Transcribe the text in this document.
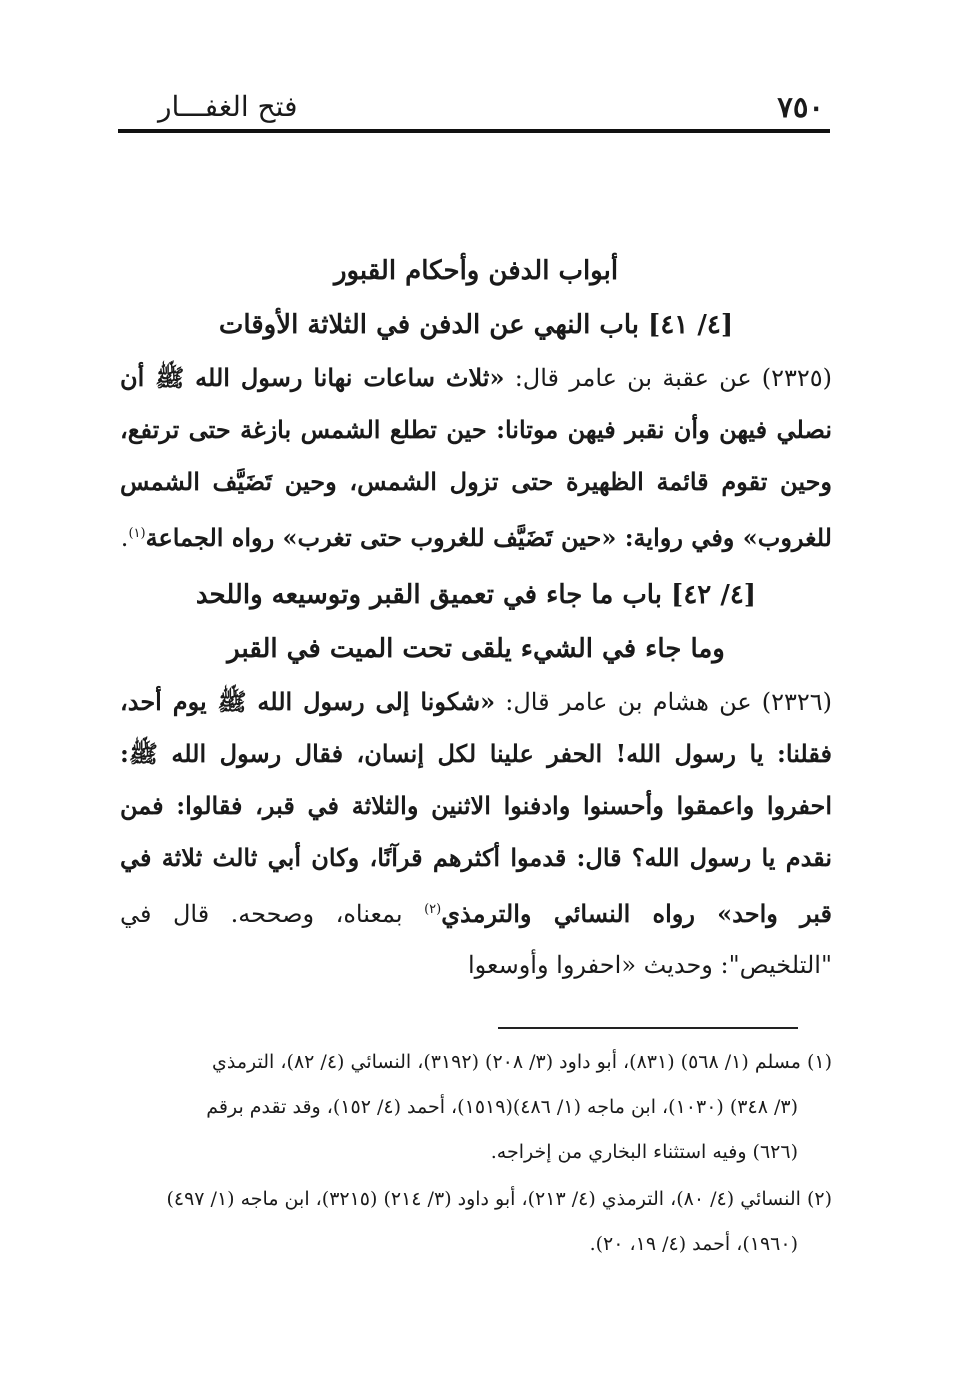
٧٥٠
فتح الغفـــار

أبواب الدفن وأحكام القبور

[٤/ ٤١] باب النهي عن الدفن في الثلاثة الأوقات

(٢٣٢٥)عن عقبة بن عامر قال: «ثلاث ساعات نهانا رسول الله ﷺ أن نصلي فيهن وأن نقبر فيهن موتانا: حين تطلع الشمس بازغة حتى ترتفع، وحين تقوم قائمة الظهيرة حتى تزول الشمس، وحين تَضَيَّف الشمس للغروب» وفي رواية: «حين تَضَيَّف للغروب حتى تغرب» رواه الجماعة$^{(١)}$.

[٤/ ٤٢] باب ما جاء في تعميق القبر وتوسيعه واللحد

وما جاء في الشيء يلقى تحت الميت في القبر

(٢٣٢٦)عن هشام بن عامر قال: «شكونا إلى رسول الله ﷺ يوم أحد، فقلنا: يا رسول الله! الحفر علينا لكل إنسان، فقال رسول الله ﷺ: احفروا واعمقوا وأحسنوا وادفنوا الاثنين والثلاثة في قبر، فقالوا: فمن نقدم يا رسول الله؟ قال: قدموا أكثرهم قرآنًا، وكان أبي ثالث ثلاثة في قبر واحد» رواه النسائي والترمذي$^{(٢)}$ بمعناه، وصححه. قال في "التلخيص": وحديث «احفروا وأوسعوا

(١) مسلم (١/ ٥٦٨) (٨٣١)، أبو داود (٣/ ٢٠٨) (٣١٩٢)، النسائي (٤/ ٨٢)، الترمذي
(٣/ ٣٤٨) (١٠٣٠)، ابن ماجه (١/ ٤٨٦)(١٥١٩)، أحمد (٤/ ١٥٢)، وقد تقدم برقم
(٦٢٦) وفيه استثناء البخاري من إخراجه.
(٢) النسائي (٤/ ٨٠)، الترمذي (٤/ ٢١٣)، أبو داود (٣/ ٢١٤) (٣٢١٥)، ابن ماجه (١/ ٤٩٧)
(١٩٦٠)، أحمد (٤/ ١٩، ٢٠).
